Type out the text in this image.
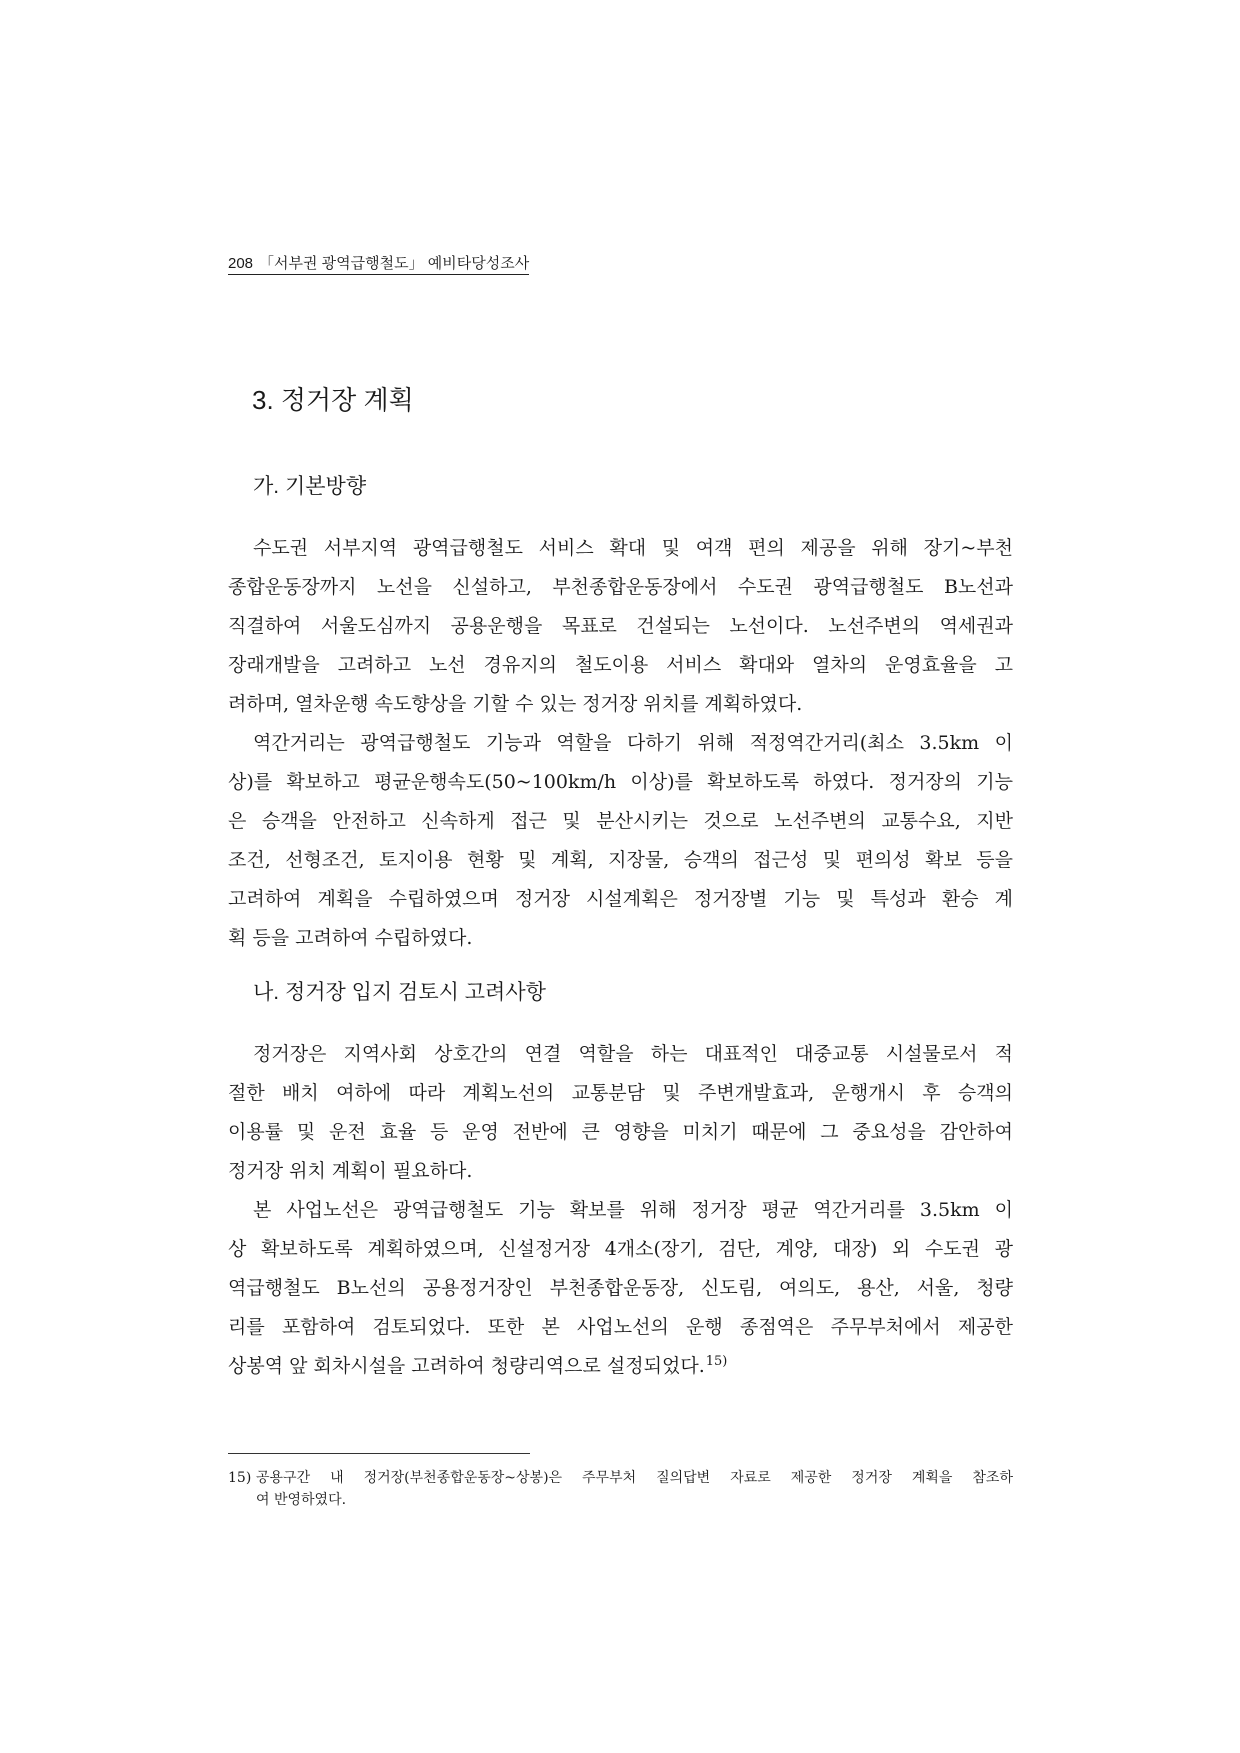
208 「서부권 광역급행철도」 예비타당성조사
3. 정거장 계획
가. 기본방향
수도권 서부지역 광역급행철도 서비스 확대 및 여객 편의 제공을 위해 장기~부천
종합운동장까지 노선을 신설하고, 부천종합운동장에서 수도권 광역급행철도 B노선과
직결하여 서울도심까지 공용운행을 목표로 건설되는 노선이다. 노선주변의 역세권과
장래개발을 고려하고 노선 경유지의 철도이용 서비스 확대와 열차의 운영효율을 고
려하며, 열차운행 속도향상을 기할 수 있는 정거장 위치를 계획하였다.
역간거리는 광역급행철도 기능과 역할을 다하기 위해 적정역간거리(최소 3.5km 이
상)를 확보하고 평균운행속도(50~100km/h 이상)를 확보하도록 하였다. 정거장의 기능
은 승객을 안전하고 신속하게 접근 및 분산시키는 것으로 노선주변의 교통수요, 지반
조건, 선형조건, 토지이용 현황 및 계획, 지장물, 승객의 접근성 및 편의성 확보 등을
고려하여 계획을 수립하였으며 정거장 시설계획은 정거장별 기능 및 특성과 환승 계
획 등을 고려하여 수립하였다.
나. 정거장 입지 검토시 고려사항
정거장은 지역사회 상호간의 연결 역할을 하는 대표적인 대중교통 시설물로서 적
절한 배치 여하에 따라 계획노선의 교통분담 및 주변개발효과, 운행개시 후 승객의
이용률 및 운전 효율 등 운영 전반에 큰 영향을 미치기 때문에 그 중요성을 감안하여
정거장 위치 계획이 필요하다.
본 사업노선은 광역급행철도 기능 확보를 위해 정거장 평균 역간거리를 3.5km 이
상 확보하도록 계획하였으며, 신설정거장 4개소(장기, 검단, 계양, 대장) 외 수도권 광
역급행철도 B노선의 공용정거장인 부천종합운동장, 신도림, 여의도, 용산, 서울, 청량
리를 포함하여 검토되었다. 또한 본 사업노선의 운행 종점역은 주무부처에서 제공한
상봉역 앞 회차시설을 고려하여 청량리역으로 설정되었다.$^{15)}$
15) 공용구간 내 정거장(부천종합운동장~상봉)은 주무부처 질의답변 자료로 제공한 정거장 계획을 참조하
여 반영하였다.
